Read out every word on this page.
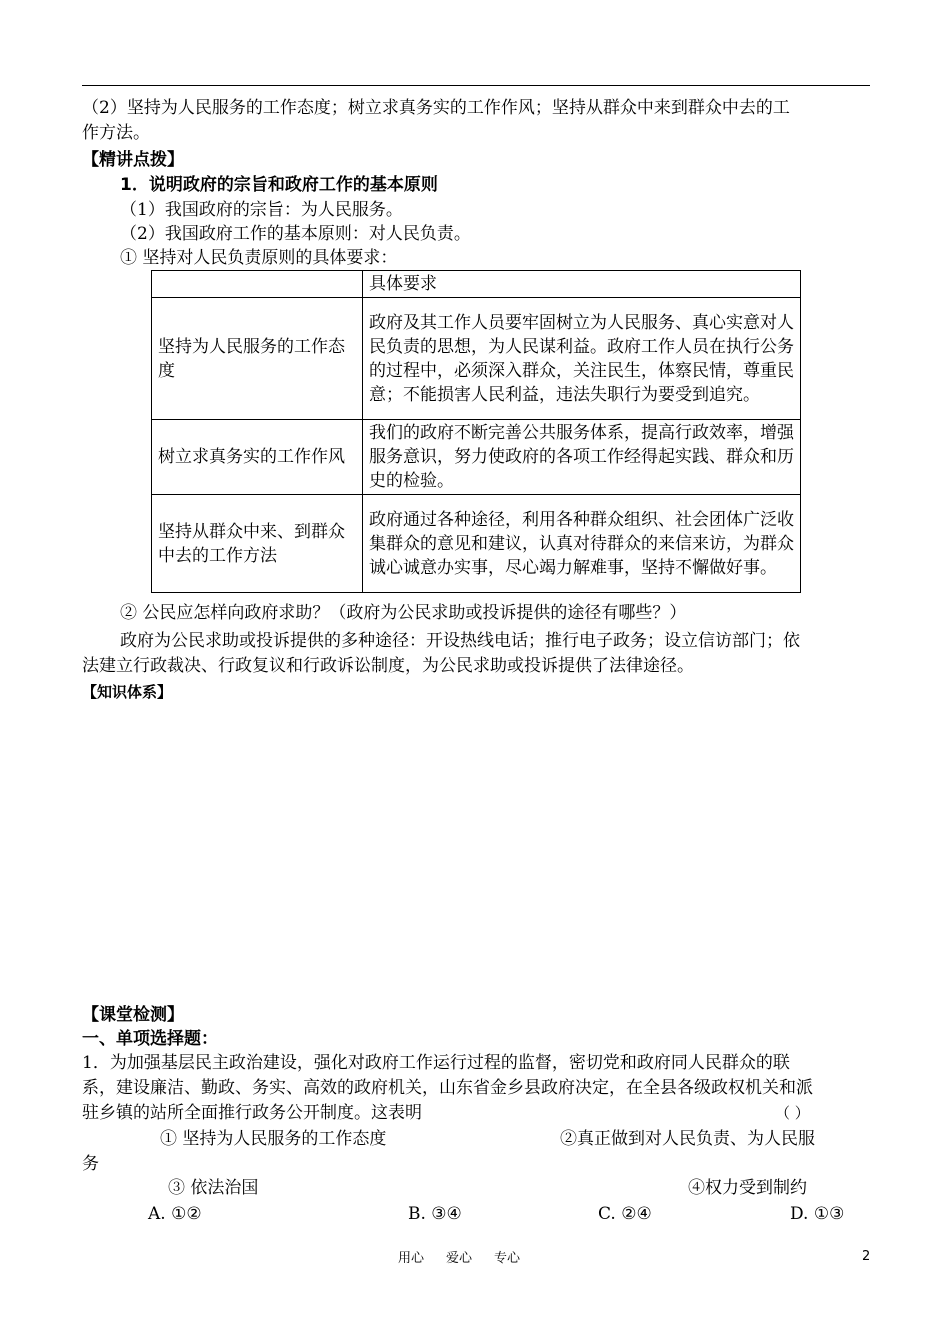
（2）坚持为人民服务的工作态度；树立求真务实的工作作风；坚持从群众中来到群众中去的工
作方法。
【精讲点拨】
1．说明政府的宗旨和政府工作的基本原则
（1）我国政府的宗旨：为人民服务。
（2）我国政府工作的基本原则：对人民负责。
① 坚持对人民负责原则的具体要求：
	具体要求
坚持为人民服务的工作态度	政府及其工作人员要牢固树立为人民服务、真心实意对人民负责的思想，为人民谋利益。政府工作人员在执行公务的过程中，必须深入群众，关注民生，体察民情，尊重民意；不能损害人民利益，违法失职行为要受到追究。
树立求真务实的工作作风	我们的政府不断完善公共服务体系，提高行政效率，增强服务意识，努力使政府的各项工作经得起实践、群众和历史的检验。
坚持从群众中来、到群众中去的工作方法	政府通过各种途径，利用各种群众组织、社会团体广泛收集群众的意见和建议，认真对待群众的来信来访，为群众诚心诚意办实事，尽心竭力解难事，坚持不懈做好事。
② 公民应怎样向政府求助？（政府为公民求助或投诉提供的途径有哪些？）
政府为公民求助或投诉提供的多种途径：开设热线电话；推行电子政务；设立信访部门；依
法建立行政裁决、行政复议和行政诉讼制度，为公民求助或投诉提供了法律途径。
【知识体系】
【课堂检测】
一、单项选择题：
1．为加强基层民主政治建设，强化对政府工作运行过程的监督，密切党和政府同人民群众的联
系，建设廉洁、勤政、务实、高效的政府机关，山东省金乡县政府决定，在全县各级政权机关和派
驻乡镇的站所全面推行政务公开制度。这表明	（ ）
① 坚持为人民服务的工作态度	②真正做到对人民负责、为人民服
务
③ 依法治国	④权力受到制约
A. ①②	B. ③④	C. ②④	D. ①③
用心 爱心 专心	2
